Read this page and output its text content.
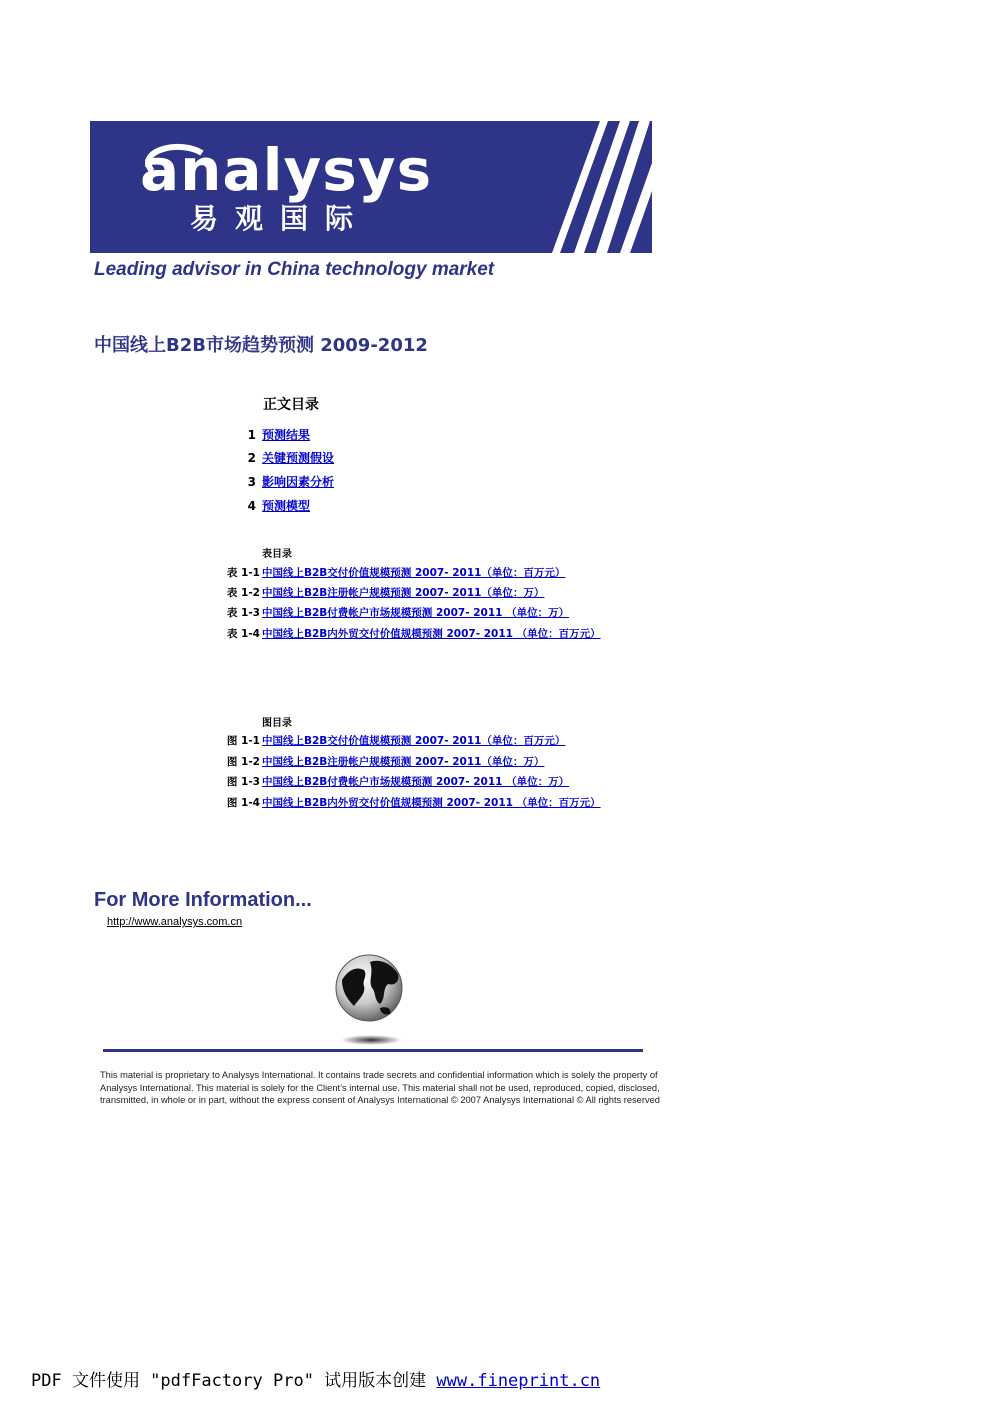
analysys
易观国际
Leading advisor in China technology market
中国线上B2B市场趋势预测 2009-2012
正文目录
1 预测结果
2 关键预测假设
3 影响因素分析
4 预测模型
表目录
表 1-1 中国线上B2B交付价值规模预测 2007- 2011（单位：百万元）
表 1-2 中国线上B2B注册帐户规模预测 2007- 2011（单位：万）
表 1-3 中国线上B2B付费帐户市场规模预测 2007- 2011 （单位：万）
表 1-4 中国线上B2B内外贸交付价值规模预测 2007- 2011 （单位：百万元）
图目录
图 1-1 中国线上B2B交付价值规模预测 2007- 2011（单位：百万元）
图 1-2 中国线上B2B注册帐户规模预测 2007- 2011（单位：万）
图 1-3 中国线上B2B付费帐户市场规模预测 2007- 2011 （单位：万）
图 1-4 中国线上B2B内外贸交付价值规模预测 2007- 2011 （单位：百万元）
For More Information...
http://www.analysys.com.cn
This material is proprietary to Analysys International. It contains trade secrets and confidential information which is solely the property of Analysys International. This material is solely for the Client’s internal use. This material shall not be used, reproduced, copied, disclosed, transmitted, in whole or in part, without the express consent of Analysys International © 2007 Analysys International © All rights reserved
PDF 文件使用 "pdfFactory Pro" 试用版本创建 www.fineprint.cn
